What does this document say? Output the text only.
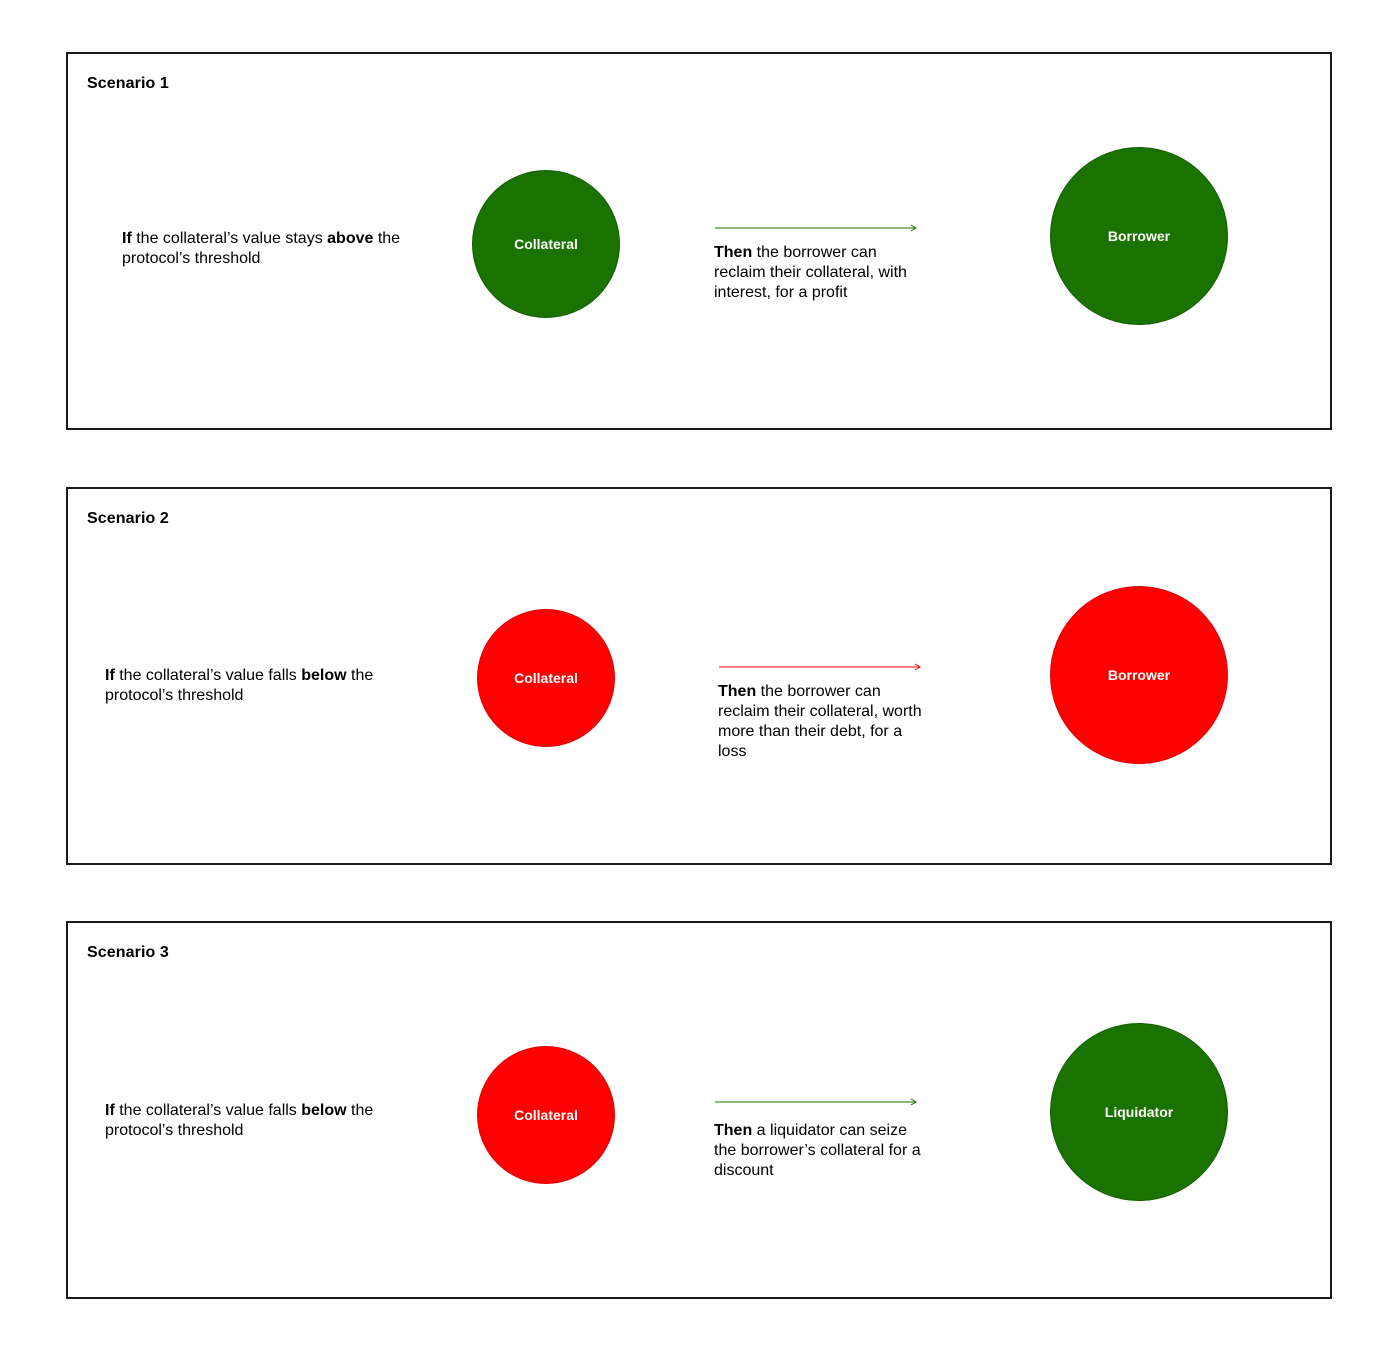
Scenario 1
If the collateral’s value stays above the protocol’s threshold
Collateral	Then the borrower can reclaim their collateral, with interest, for a profit
Borrower
Scenario 2
If the collateral’s value falls below the protocol’s threshold
Collateral
Then the borrower can reclaim their collateral, worth more than their debt, for a loss
Borrower
Scenario 3
If the collateral’s value falls below the protocol’s threshold
Collateral
Then a liquidator can seize the borrower’s collateral for a discount
Liquidator
